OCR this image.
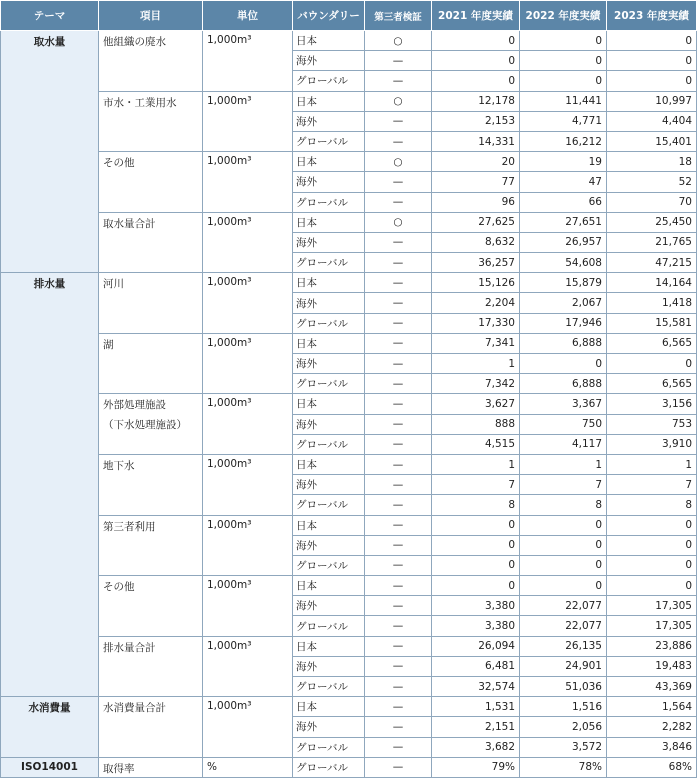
テーマ	項目	単位	バウンダリー	第三者検証	2021 年度実績	2022 年度実績	2023 年度実績
取水量	他組織の廃水	1,000m³	日本	○	0	0	0
			海外	—	0	0	0
			グローバル	—	0	0	0
	市水・工業用水	1,000m³	日本	○	12,178	11,441	10,997
			海外	—	2,153	4,771	4,404
			グローバル	—	14,331	16,212	15,401
	その他	1,000m³	日本	○	20	19	18
			海外	—	77	47	52
			グローバル	—	96	66	70
	取水量合計	1,000m³	日本	○	27,625	27,651	25,450
			海外	—	8,632	26,957	21,765
			グローバル	—	36,257	54,608	47,215
排水量	河川	1,000m³	日本	—	15,126	15,879	14,164
			海外	—	2,204	2,067	1,418
			グローバル	—	17,330	17,946	15,581
	湖	1,000m³	日本	—	7,341	6,888	6,565
			海外	—	1	0	0
			グローバル	—	7,342	6,888	6,565
	外部処理施設	1,000m³	日本	—	3,627	3,367	3,156
	（下水処理施設）		海外	—	888	750	753
			グローバル	—	4,515	4,117	3,910
	地下水	1,000m³	日本	—	1	1	1
			海外	—	7	7	7
			グローバル	—	8	8	8
	第三者利用	1,000m³	日本	—	0	0	0
			海外	—	0	0	0
			グローバル	—	0	0	0
	その他	1,000m³	日本	—	0	0	0
			海外	—	3,380	22,077	17,305
			グローバル	—	3,380	22,077	17,305
	排水量合計	1,000m³	日本	—	26,094	26,135	23,886
			海外	—	6,481	24,901	19,483
			グローバル	—	32,574	51,036	43,369
水消費量	水消費量合計	1,000m³	日本	—	1,531	1,516	1,564
			海外	—	2,151	2,056	2,282
			グローバル	—	3,682	3,572	3,846
ISO14001	取得率	%	グローバル	—	79%	78%	68%
